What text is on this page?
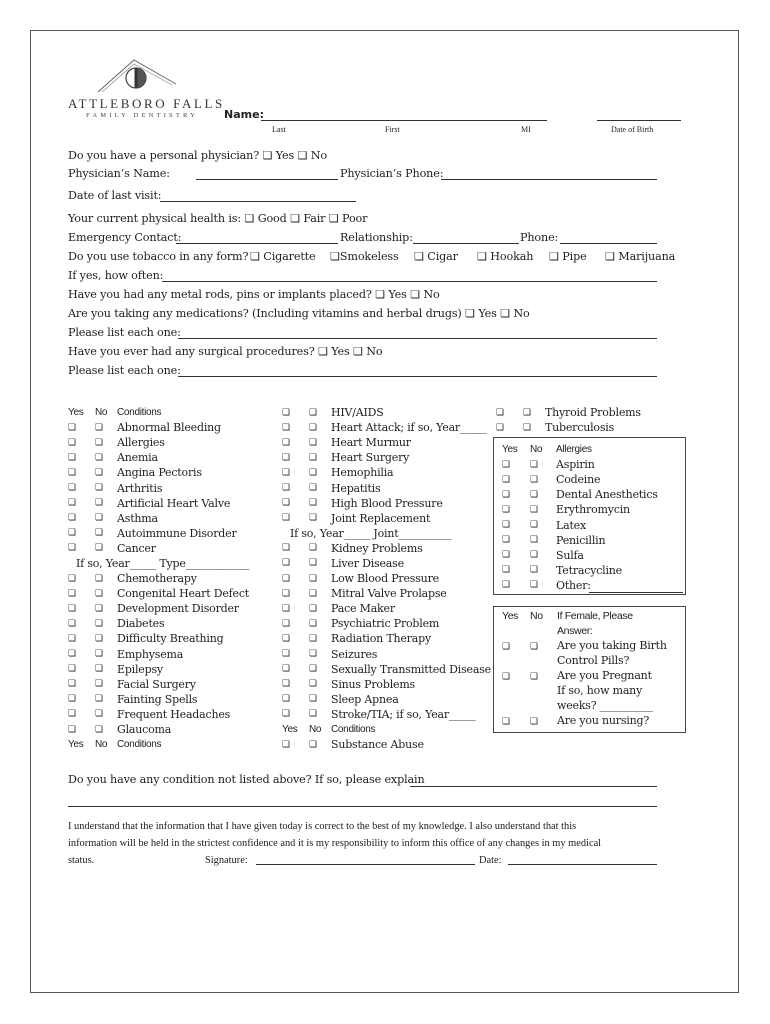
ATTLEBORO FALLS
FAMILY DENTISTRY Name:
Last	First	MI	Date of Birth
Do you have a personal physician? ❏ Yes ❏ No
Physician’s Name:	Physician’s Phone:
Date of last visit:
Your current physical health is: ❏ Good ❏ Fair ❏ Poor
Emergency Contact:	Relationship:	Phone:
Do you use tobacco in any form? ❏ Cigarette ❏Smokeless ❏ Cigar ❏ Hookah ❏ Pipe ❏ Marijuana
If yes, how often:
Have you had any metal rods, pins or implants placed? ❏ Yes ❏ No
Are you taking any medications? (Including vitamins and herbal drugs) ❏ Yes ❏ No
Please list each one:
Have you ever had any surgical procedures? ❏ Yes ❏ No
Please list each one:
Yes	No Conditions
❏	❏	Abnormal Bleeding
❏	❏	Allergies
❏	❏	Anemia
❏	❏	Angina Pectoris
❏	❏	Arthritis
❏	❏	Artificial Heart Valve
❏	❏	Asthma
❏	❏	Autoimmune Disorder
❏	❏	Cancer
If so, Year_____ Type____________
❏	❏	Chemotherapy
❏	❏	Congenital Heart Defect
❏	❏	Development Disorder
❏	❏	Diabetes
❏	❏	Difficulty Breathing
❏	❏	Emphysema
❏	❏	Epilepsy
❏	❏	Facial Surgery
❏	❏	Fainting Spells
❏	❏	Frequent Headaches
❏	❏	Glaucoma
Yes	No Conditions
❏	❏	HIV/AIDS
❏	❏	Heart Attack; if so, Year_____
❏	❏	Heart Murmur
❏	❏	Heart Surgery
❏	❏	Hemophilia
❏	❏	Hepatitis
❏	❏	High Blood Pressure
❏	❏	Joint Replacement
If so, Year_____ Joint__________
❏	❏	Kidney Problems
❏	❏	Liver Disease
❏	❏	Low Blood Pressure
❏	❏	Mitral Valve Prolapse
❏	❏	Pace Maker
❏	❏	Psychiatric Problem
❏	❏	Radiation Therapy
❏	❏	Seizures
❏	❏	Sexually Transmitted Disease
❏	❏	Sinus Problems
❏	❏	Sleep Apnea
❏	❏	Stroke/TIA; if so, Year_____
Yes	No Conditions
❏	❏	Substance Abuse
❏	❏	Thyroid Problems
❏	❏	Tuberculosis
Yes	No	Allergies
❏	❏	Aspirin
❏	❏	Codeine
❏	❏	Dental Anesthetics
❏	❏	Erythromycin
❏	❏	Latex
❏	❏	Penicillin
❏	❏	Sulfa
❏	❏	Tetracycline
❏	❏	Other:
Yes No If Female, Please
Answer:
❏ ❏ Are you taking Birth
Control Pills?
❏ ❏ Are you Pregnant
If so, how many
weeks? __________
❏ ❏ Are you nursing?
Do you have any condition not listed above? If so, please explain
I understand that the information that I have given today is correct to the best of my knowledge. I also understand that this
information will be held in the strictest confidence and it is my responsibility to inform this office of any changes in my medical
status.	Signature:	Date:
